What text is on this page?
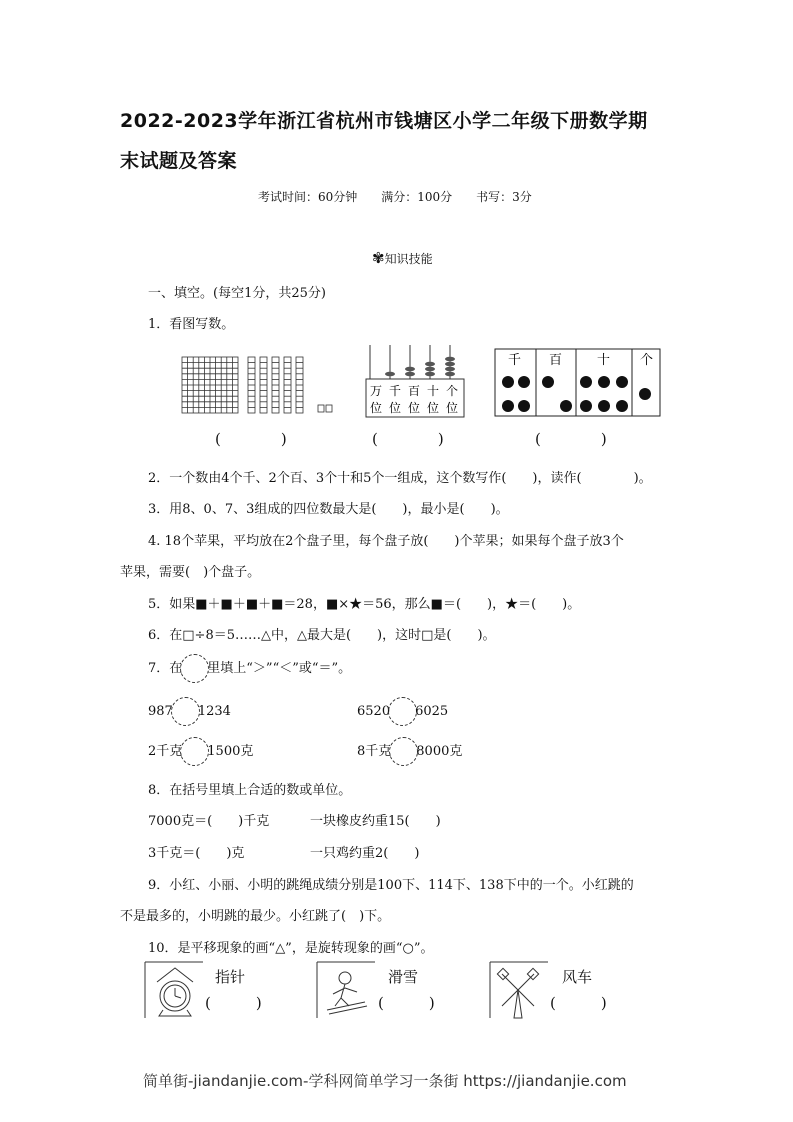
2022-2023学年浙江省杭州市钱塘区小学二年级下册数学期
末试题及答案
考试时间：60分钟　　满分：100分　　书写：3分
✾知识技能
一、填空。(每空1分，共25分)
1．看图写数。
万 千 百 十 个
位 位 位 位 位
千 百	十 个
(　　　　)	(　　　　)	(　　　　)
2．一个数由4个千、2个百、3个十和5个一组成，这个数写作(　　)，读作(　　　　)。
3．用8、0、7、3组成的四位数最大是(　　)，最小是(　　)。
4. 18个苹果，平均放在2个盘子里，每个盘子放(　　)个苹果；如果每个盘子放3个
苹果，需要(　)个盘子。
5．如果■＋■＋■＋■＝28，■×★＝56，那么■＝(　　)，★＝(　　)。
6．在□÷8＝5……△中，△最大是(　　)，这时□是(　　)。
7．在 里填上“＞”“＜”或“＝”。
987 1234	6520 6025
2千克 1500克	8千克 8000克
8．在括号里填上合适的数或单位。
7000克＝(　　)千克	一块橡皮约重15(　　)
3千克＝(　　)克	一只鸡约重2(　　)
9．小红、小丽、小明的跳绳成绩分别是100下、114下、138下中的一个。小红跳的
不是最多的，小明跳的最少。小红跳了(　)下。
10．是平移现象的画“△”，是旋转现象的画“○”。
指针
(　　　)
滑雪
(　　　)
风车
(　　　)
简单街-jiandanjie.com-学科网简单学习一条街 https://jiandanjie.com
